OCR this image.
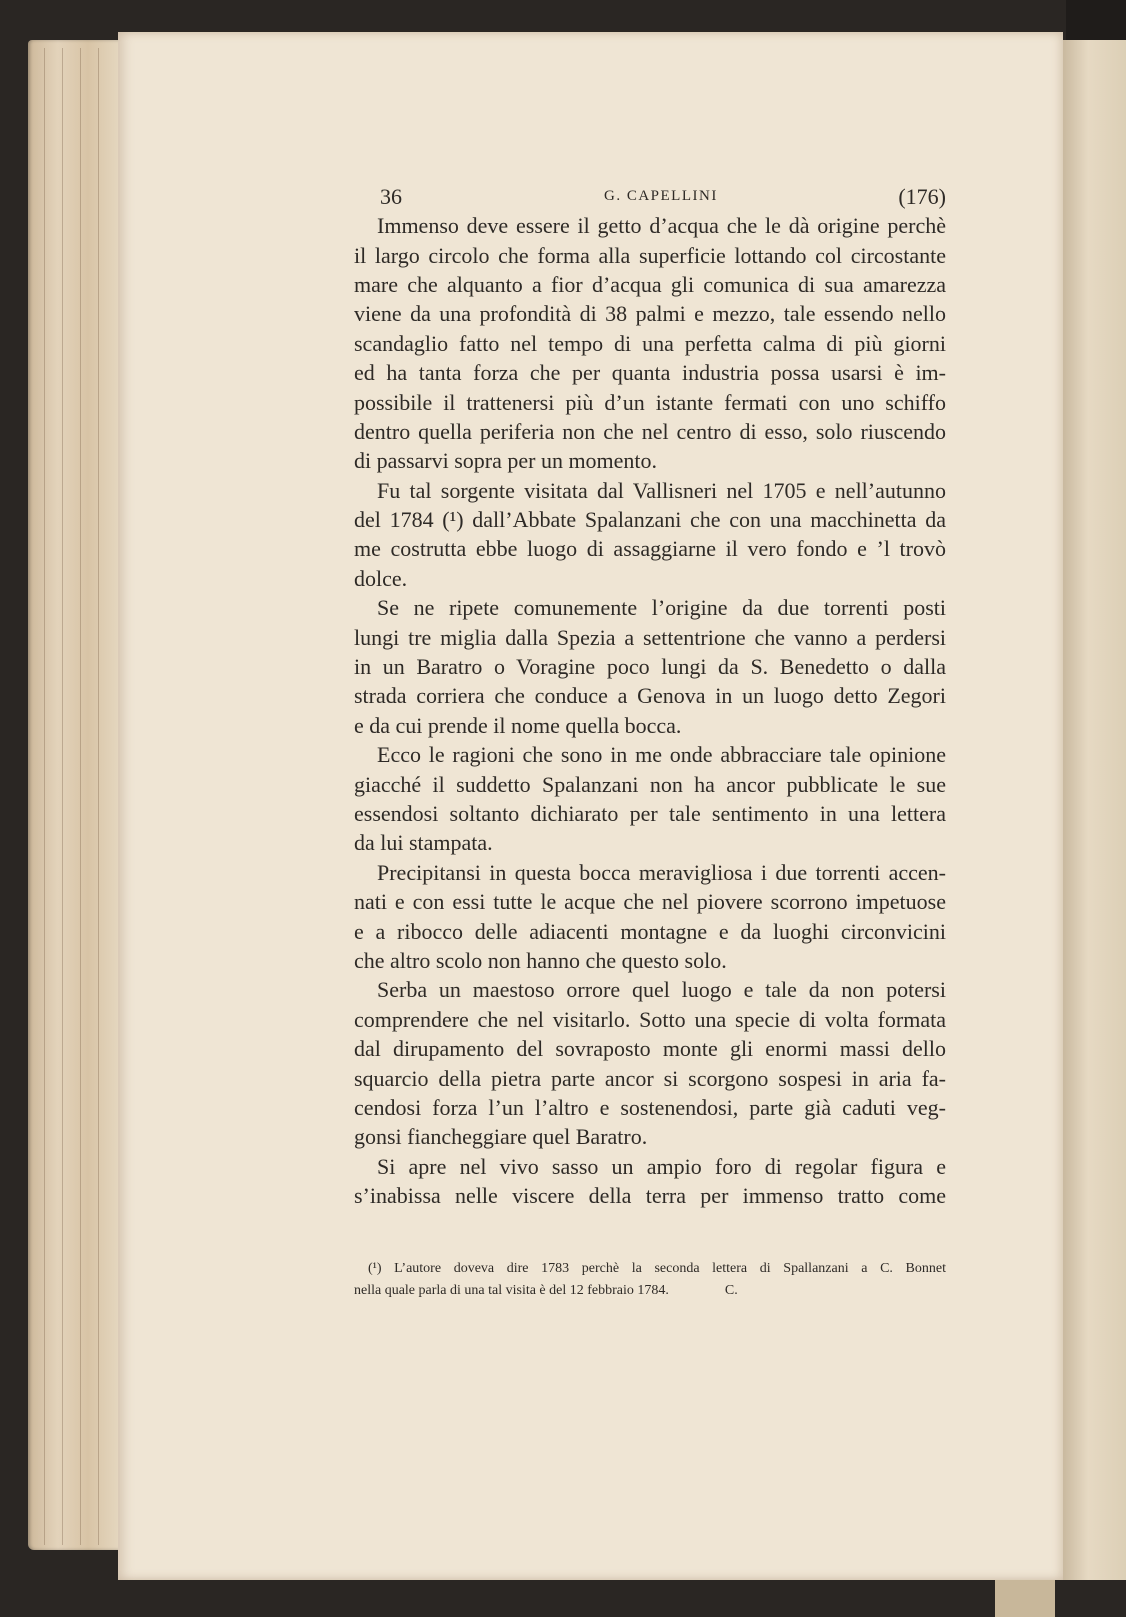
36	G. CAPELLINI	(176)
Immenso deve essere il getto d’acqua che le dà origine perchè
il largo circolo che forma alla superficie lottando col circostante
mare che alquanto a fior d’acqua gli comunica di sua amarezza
viene da una profondità di 38 palmi e mezzo, tale essendo nello
scandaglio fatto nel tempo di una perfetta calma di più giorni
ed ha tanta forza che per quanta industria possa usarsi è im-
possibile il trattenersi più d’un istante fermati con uno schiffo
dentro quella periferia non che nel centro di esso, solo riuscendo
di passarvi sopra per un momento.
Fu tal sorgente visitata dal Vallisneri nel 1705 e nell’autunno
del 1784 (¹) dall’Abbate Spalanzani che con una macchinetta da
me costrutta ebbe luogo di assaggiarne il vero fondo e ’l trovò
dolce.
Se ne ripete comunemente l’origine da due torrenti posti
lungi tre miglia dalla Spezia a settentrione che vanno a perdersi
in un Baratro o Voragine poco lungi da S. Benedetto o dalla
strada corriera che conduce a Genova in un luogo detto Zegori
e da cui prende il nome quella bocca.
Ecco le ragioni che sono in me onde abbracciare tale opinione
giacché il suddetto Spalanzani non ha ancor pubblicate le sue
essendosi soltanto dichiarato per tale sentimento in una lettera
da lui stampata.
Precipitansi in questa bocca meravigliosa i due torrenti accen-
nati e con essi tutte le acque che nel piovere scorrono impetuose
e a ribocco delle adiacenti montagne e da luoghi circonvicini
che altro scolo non hanno che questo solo.
Serba un maestoso orrore quel luogo e tale da non potersi
comprendere che nel visitarlo. Sotto una specie di volta formata
dal dirupamento del sovraposto monte gli enormi massi dello
squarcio della pietra parte ancor si scorgono sospesi in aria fa-
cendosi forza l’un l’altro e sostenendosi, parte già caduti veg-
gonsi fiancheggiare quel Baratro.
Si apre nel vivo sasso un ampio foro di regolar figura e
s’inabissa nelle viscere della terra per immenso tratto come
(¹) L’autore doveva dire 1783 perchè la seconda lettera di Spallanzani a C. Bonnet
nella quale parla di una tal visita è del 12 febbraio 1784.                C.
